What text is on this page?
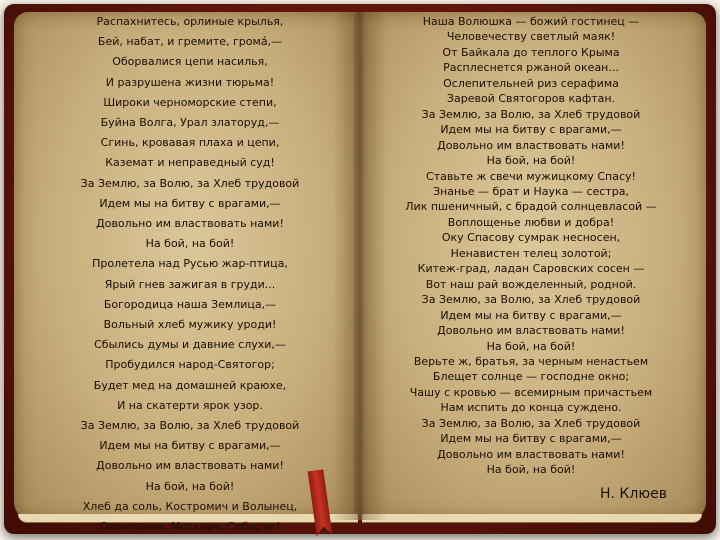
Распахнитесь, орлиные крылья,
Бей, набат, и гремите, громá,—
Оборвалися цепи насилья,
И разрушена жизни тюрьма!
Широки черноморские степи,
Буйна Волга, Урал златоруд,—
Сгинь, кровавая плаха и цепи,
Каземат и неправедный суд!
За Землю, за Волю, за Хлеб трудовой
Идем мы на битву с врагами,—
Довольно им властвовать нами!
На бой, на бой!
Пролетела над Русью жар-птица,
Ярый гнев зажигая в груди...
Богородица наша Землица,—
Вольный хлеб мужику уроди!
Сбылись думы и давние слухи,—
Пробудился народ-Святогор;
Будет мед на домашней краюхе,
И на скатерти ярок узор.
За Землю, за Волю, за Хлеб трудовой
Идем мы на битву с врагами,—
Довольно им властвовать нами!
На бой, на бой!
Хлеб да соль, Костромич и Волынец,
Олончанин, Москвич, Сибиряк!
Наша Волюшка — божий гостинец —
Человечеству светлый маяк!
От Байкала до теплого Крыма
Расплеснется ржаной океан...
Ослепительней риз серафима
Заревой Святогоров кафтан.
За Землю, за Волю, за Хлеб трудовой
Идем мы на битву с врагами,—
Довольно им властвовать нами!
На бой, на бой!
Ставьте ж свечи мужицкому Спасу!
Знанье — брат и Наука — сестра,
Лик пшеничный, с брадой солнцевласой —
Воплощенье любви и добра!
Оку Спасову сумрак несносен,
Ненавистен телец золотой;
Китеж-град, ладан Саровских сосен —
Вот наш рай вожделенный, родной.
За Землю, за Волю, за Хлеб трудовой
Идем мы на битву с врагами,—
Довольно им властвовать нами!
На бой, на бой!
Верьте ж, братья, за черным ненастьем
Блещет солнце — господне окно;
Чашу с кровью — всемирным причастьем
Нам испить до конца суждено.
За Землю, за Волю, за Хлеб трудовой
Идем мы на битву с врагами,—
Довольно им властвовать нами!
На бой, на бой!
Н. Клюев
